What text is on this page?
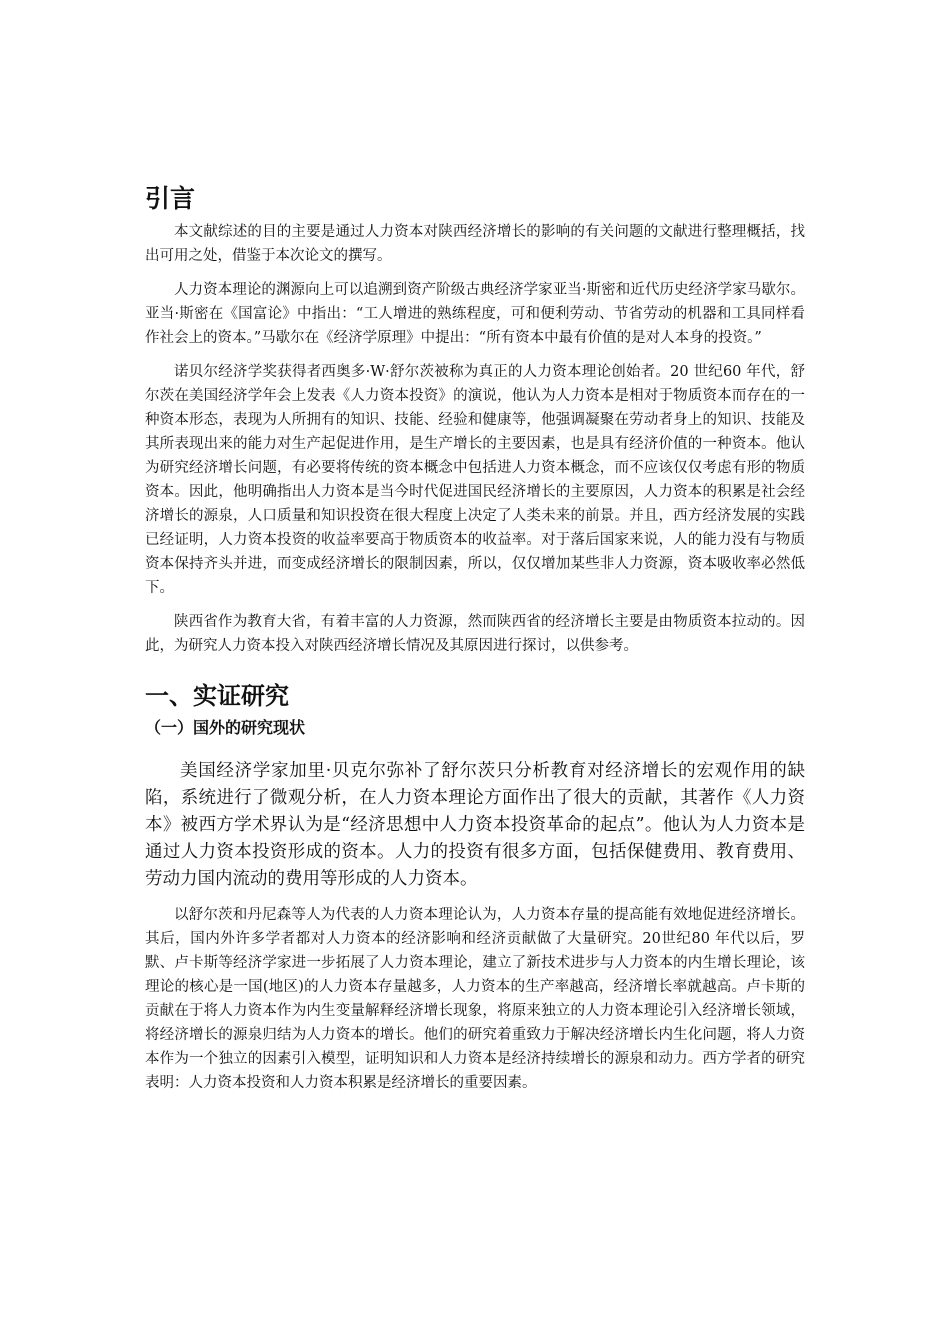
引言

本文献综述的目的主要是通过人力资本对陕西经济增长的影响的有关问题的文献进行整理概括，找出可用之处，借鉴于本次论文的撰写。

人力资本理论的渊源向上可以追溯到资产阶级古典经济学家亚当·斯密和近代历史经济学家马歇尔。亚当·斯密在《国富论》中指出：“工人增进的熟练程度，可和便利劳动、节省劳动的机器和工具同样看作社会上的资本。”马歇尔在《经济学原理》中提出：“所有资本中最有价值的是对人本身的投资。”

诺贝尔经济学奖获得者西奥多·W·舒尔茨被称为真正的人力资本理论创始者。20 世纪60 年代，舒尔茨在美国经济学年会上发表《人力资本投资》的演说，他认为人力资本是相对于物质资本而存在的一种资本形态，表现为人所拥有的知识、技能、经验和健康等，他强调凝聚在劳动者身上的知识、技能及其所表现出来的能力对生产起促进作用，是生产增长的主要因素，也是具有经济价值的一种资本。他认为研究经济增长问题，有必要将传统的资本概念中包括进人力资本概念，而不应该仅仅考虑有形的物质资本。因此，他明确指出人力资本是当今时代促进国民经济增长的主要原因，人力资本的积累是社会经济增长的源泉，人口质量和知识投资在很大程度上决定了人类未来的前景。并且，西方经济发展的实践已经证明，人力资本投资的收益率要高于物质资本的收益率。对于落后国家来说，人的能力没有与物质资本保持齐头并进，而变成经济增长的限制因素，所以，仅仅增加某些非人力资源，资本吸收率必然低下。

陕西省作为教育大省，有着丰富的人力资源，然而陕西省的经济增长主要是由物质资本拉动的。因此，为研究人力资本投入对陕西经济增长情况及其原因进行探讨，以供参考。

一、实证研究
（一）国外的研究现状

美国经济学家加里·贝克尔弥补了舒尔茨只分析教育对经济增长的宏观作用的缺陷，系统进行了微观分析，在人力资本理论方面作出了很大的贡献，其著作《人力资本》被西方学术界认为是“经济思想中人力资本投资革命的起点”。他认为人力资本是通过人力资本投资形成的资本。人力的投资有很多方面，包括保健费用、教育费用、劳动力国内流动的费用等形成的人力资本。

以舒尔茨和丹尼森等人为代表的人力资本理论认为，人力资本存量的提高能有效地促进经济增长。其后，国内外许多学者都对人力资本的经济影响和经济贡献做了大量研究。20世纪80 年代以后，罗默、卢卡斯等经济学家进一步拓展了人力资本理论，建立了新技术进步与人力资本的内生增长理论，该理论的核心是一国(地区)的人力资本存量越多，人力资本的生产率越高，经济增长率就越高。卢卡斯的贡献在于将人力资本作为内生变量解释经济增长现象，将原来独立的人力资本理论引入经济增长领域，将经济增长的源泉归结为人力资本的增长。他们的研究着重致力于解决经济增长内生化问题，将人力资本作为一个独立的因素引入模型，证明知识和人力资本是经济持续增长的源泉和动力。西方学者的研究表明：人力资本投资和人力资本积累是经济增长的重要因素。
